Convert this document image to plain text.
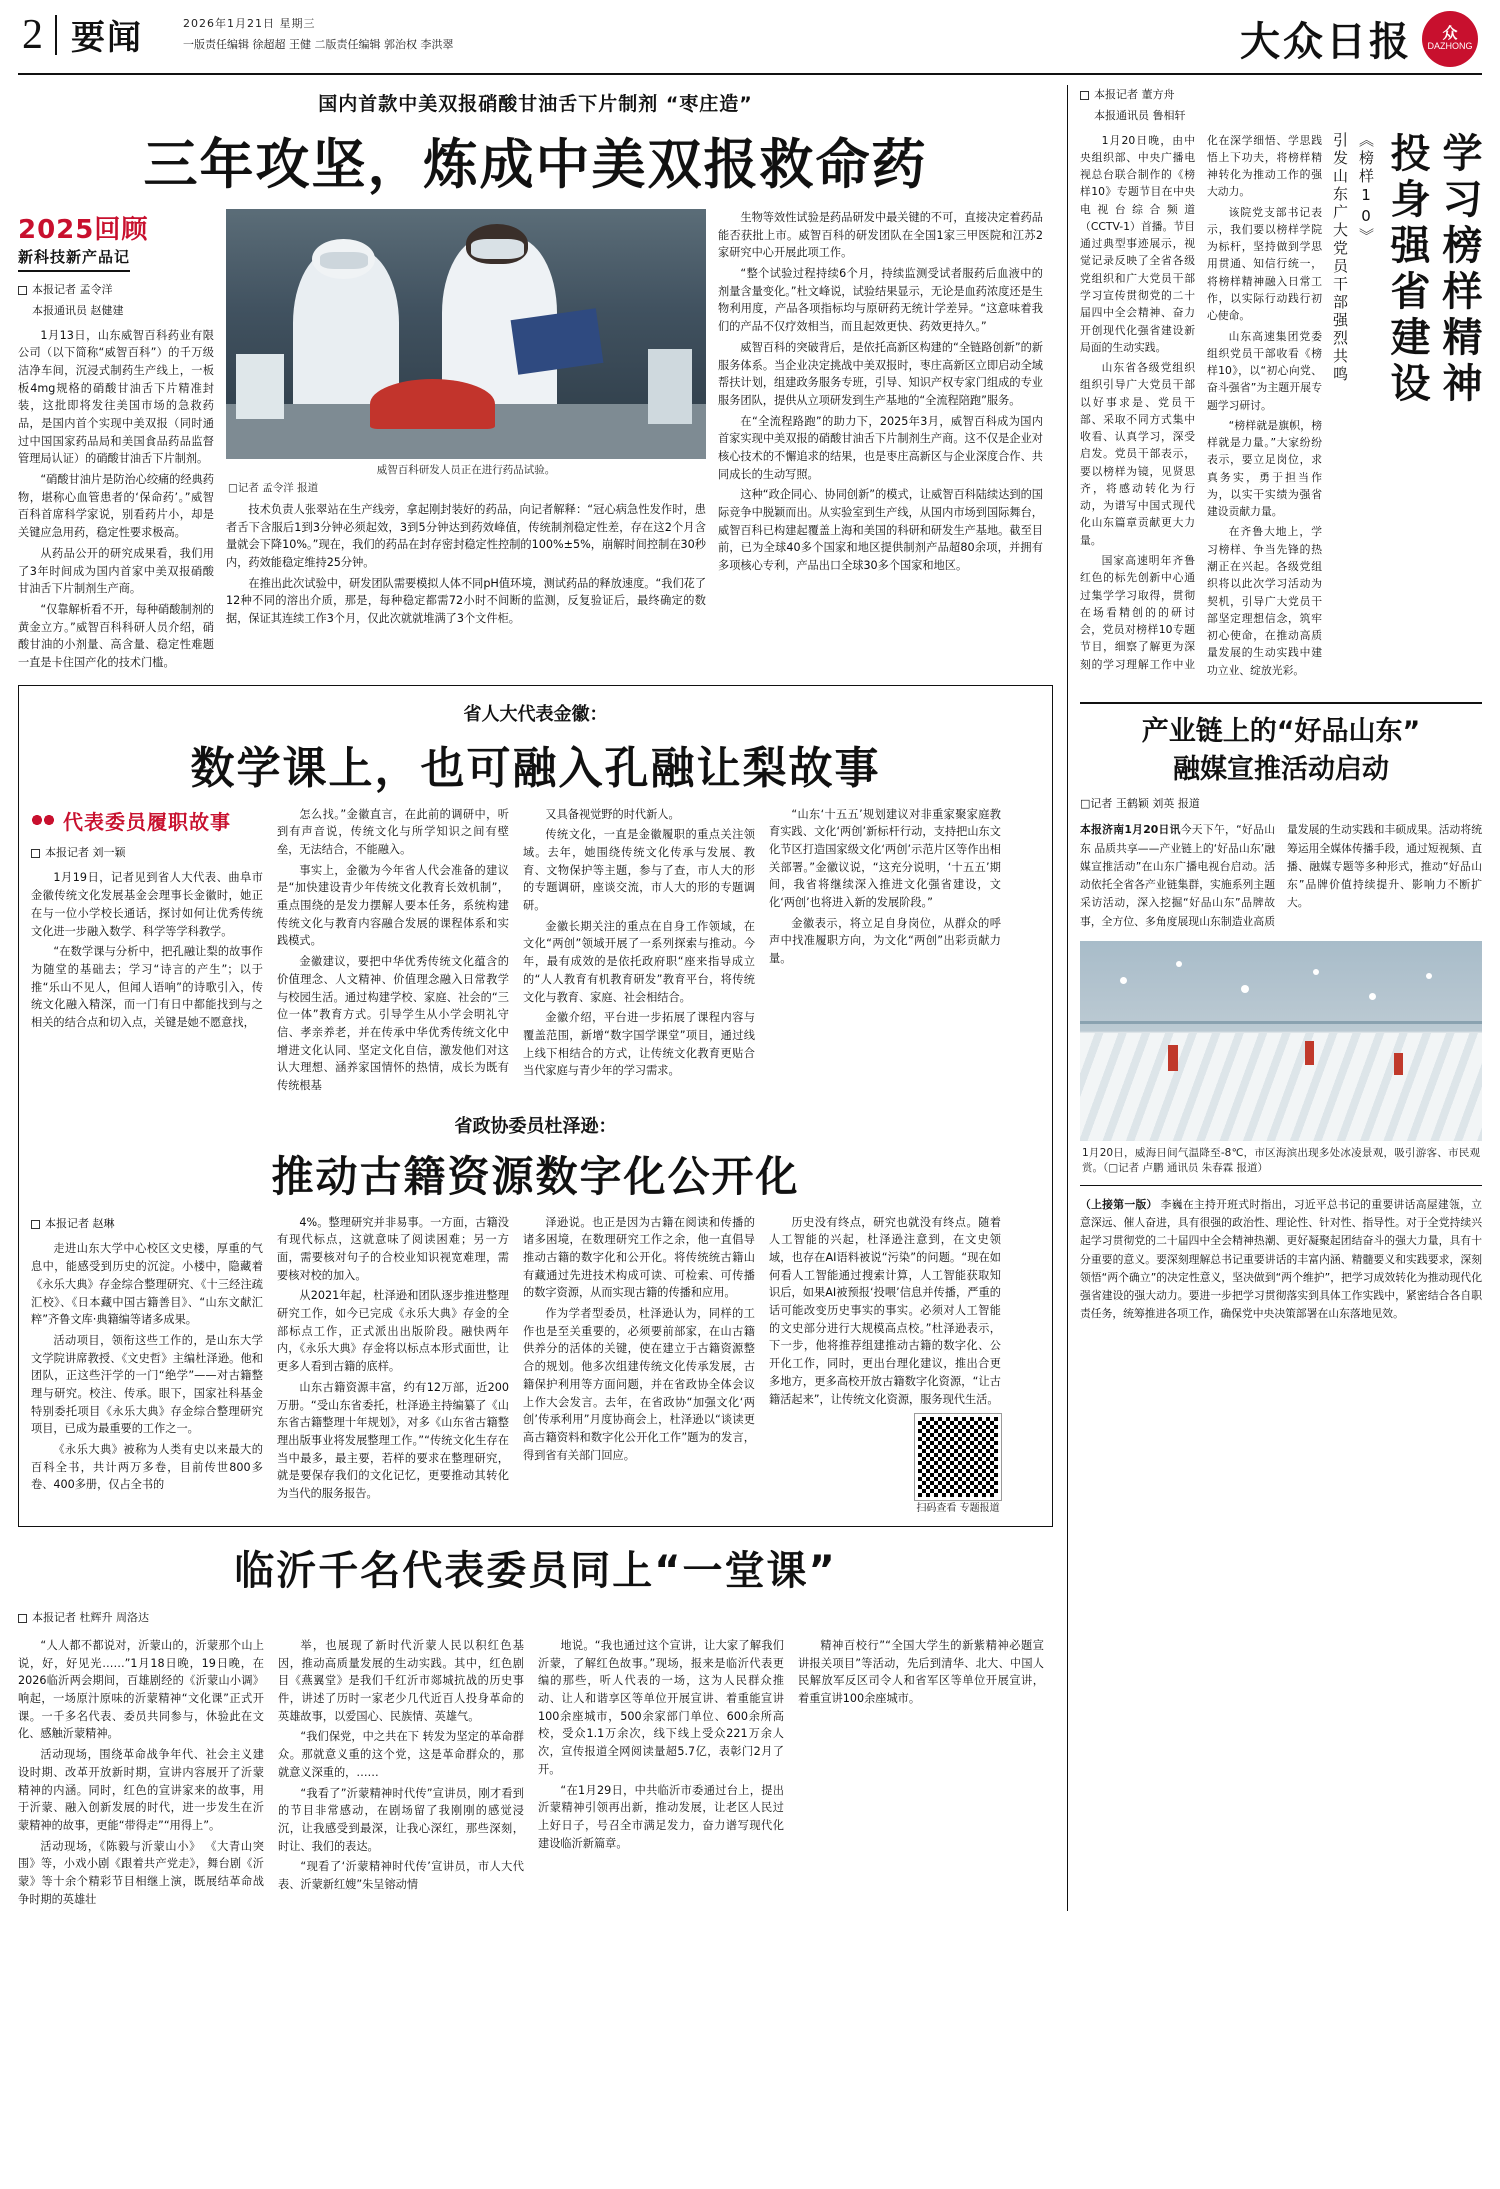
2 要闻	2026年1月21日 星期三
一版责任编辑 徐超超 王健 二版责任编辑 郭治权 李洪翠	大众日报 众
DAZHONG
国内首款中美双报硝酸甘油舌下片制剂 “枣庄造”
三年攻坚，炼成中美双报救命药
2025回顾
新科技新产品记
本报记者 孟令洋
本报通讯员 赵健建

1月13日，山东威智百科药业有限公司（以下简称“威智百科”）的千万级洁净车间，沉浸式制药生产线上，一板板4mg规格的硝酸甘油舌下片精准封装，这批即将发往美国市场的急救药品，是国内首个实现中美双报（同时通过中国国家药品局和美国食品药品监督管理局认证）的硝酸甘油舌下片制剂。

“硝酸甘油片是防治心绞痛的经典药物，堪称心血管患者的‘保命药’。”威智百科首席科学家说，别看药片小，却是关键应急用药，稳定性要求极高。

从药品公开的研究成果看，我们用了3年时间成为国内首家中美双报硝酸甘油舌下片制剂生产商。

“仅靠解析看不开，每种硝酸制剂的黄金立方。”威智百科科研人员介绍，硝酸甘油的小剂量、高含量、稳定性难题一直是卡住国产化的技术门槛。

威智百科研发人员正在进行药品试验。
□记者 孟令洋 报道

技术负责人张翠站在生产线旁，拿起刚封装好的药品，向记者解释：“冠心病急性发作时，患者舌下含服后1到3分钟必须起效，3到5分钟达到药效峰值，传统制剂稳定性差，存在这2个月含量就会下降10%。”现在，我们的药品在封存密封稳定性控制的100%±5%，崩解时间控制在30秒内，药效能稳定维持25分钟。

在推出此次试验中，研发团队需要模拟人体不同pH值环境，测试药品的释放速度。“我们花了12种不同的溶出介质，那是，每种稳定都需72小时不间断的监测，反复验证后，最终确定的数据，保证其连续工作3个月，仅此次就就堆满了3个文件柜。

生物等效性试验是药品研发中最关键的不可，直接决定着药品能否获批上市。威智百科的研发团队在全国1家三甲医院和江苏2家研究中心开展此项工作。

“整个试验过程持续6个月，持续监测受试者服药后血液中的剂量含量变化。”杜文峰说，试验结果显示，无论是血药浓度还是生物利用度，产品各项指标均与原研药无统计学差异。“这意味着我们的产品不仅疗效相当，而且起效更快、药效更持久。”

威智百科的突破背后，是依托高新区构建的“全链路创新”的新服务体系。当企业决定挑战中美双报时，枣庄高新区立即启动全域帮扶计划，组建政务服务专班，引导、知识产权专家门组成的专业服务团队，提供从立项研发到生产基地的“全流程陪跑”服务。

在“全流程路跑”的助力下，2025年3月，威智百科成为国内首家实现中美双报的硝酸甘油舌下片制剂生产商。这不仅是企业对核心技术的不懈追求的结果，也是枣庄高新区与企业深度合作、共同成长的生动写照。

这种“政企同心、协同创新”的模式，让威智百科陆续达到的国际竞争中脱颖而出。从实验室到生产线，从国内市场到国际舞台，威智百科已构建起覆盖上海和美国的科研和研发生产基地。截至目前，已为全球40多个国家和地区提供制剂产品超80余项，并拥有多项核心专利，产品出口全球30多个国家和地区。

省人大代表金徽：
数学课上，也可融入孔融让梨故事
代表委员履职故事
本报记者 刘一颖

1月19日，记者见到省人大代表、曲阜市金徽传统文化发展基金会理事长金徽时，她正在与一位小学校长通话，探讨如何让优秀传统文化进一步融入数学、科学等学科教学。

“在数学课与分析中，把孔融让梨的故事作为随堂的基础去；学习“诗言的产生”；以于推“乐山不见人，但闻人语响”的诗歌引入，传统文化融入精深，而一门有日中都能找到与之相关的结合点和切入点，关键是她不愿意找，

怎么找。”金徽直言，在此前的调研中，听到有声音说，传统文化与所学知识之间有壁垒，无法结合，不能融入。

事实上，金徽为今年省人代会准备的建议是“加快建设青少年传统文化教育长效机制”，重点围绕的是发力摆解人要本任务，系统构建传统文化与教育内容融合发展的课程体系和实践模式。

金徽建议，要把中华优秀传统文化蕴含的价值理念、人文精神、价值理念融入日常教学与校园生活。通过构建学校、家庭、社会的“三位一体”教育方式。引导学生从小学会明礼守信、孝亲养老，并在传承中华优秀传统文化中增进文化认同、坚定文化自信，激发他们对这认大理想、涵养家国情怀的热情，成长为既有传统根基

又具备视觉野的时代新人。

传统文化，一直是金徽履职的重点关注领域。去年，她围绕传统文化传承与发展、教育、文物保护等主题，参与了查，市人大的形的专题调研，座谈交流，市人大的形的专题调研。

金徽长期关注的重点在自身工作领域，在文化“两创”领域开展了一系列探索与推动。今年，最有成效的是依托政府职“座来指导成立的“人人教育有机教育研发”教育平台，将传统文化与教育、家庭、社会相结合。

金徽介绍，平台进一步拓展了课程内容与覆盖范围，新增“数字国学课堂”项目，通过线上线下相结合的方式，让传统文化教育更贴合当代家庭与青少年的学习需求。

“山东‘十五五’规划建议对非重家聚家庭教育实践、文化‘两创’新标杆行动，支持把山东文化节区打造国家级文化‘两创’示范片区等作出相关部署。”金徽议说，“这充分说明，‘十五五’期间，我省将继续深入推进文化强省建设，文化‘两创’也将进入新的发展阶段。”

金徽表示，将立足自身岗位，从群众的呼声中找准履职方向，为文化“两创”出彩贡献力量。

省政协委员杜泽逊：
推动古籍资源数字化公开化
本报记者 赵琳

走进山东大学中心校区文史楼，厚重的气息中，能感受到历史的沉淀。小楼中，隐藏着《永乐大典》存金综合整理研究、《十三经注疏汇校》、《日本藏中国古籍善目》、“山东文献汇粹”齐鲁文库·典籍编等诸多成果。

活动项目，领衔这些工作的，是山东大学文学院讲席教授、《文史哲》主编杜泽逊。他和团队，正这些汗学的一门“绝学”——对古籍整理与研究。校注、传承。眼下，国家社科基金特别委托项目《永乐大典》存金综合整理研究项目，已成为最重要的工作之一。

《永乐大典》被称为人类有史以来最大的百科全书，共计两万多卷，目前传世800多卷、400多册，仅占全书的

4%。整理研究并非易事。一方面，古籍没有现代标点，这就意味了阅读困难；另一方面，需要核对句子的合校业知识视宽难理，需要核对校的加入。

从2021年起，杜泽逊和团队逐步推进整理研究工作，如今已完成《永乐大典》存金的全部标点工作，正式派出出版阶段。融快两年内，《永乐大典》存金将以标点本形式面世，让更多人看到古籍的底样。

山东古籍资源丰富，约有12万部，近200万册。“受山东省委托，杜泽逊主持编纂了《山东省古籍整理十年规划》，对多《山东省古籍整理出版事业将发展整理工作。”“传统文化生存在当中最多，最主要，若样的要求在整理研究，就是要保存我们的文化记忆，更要推动其转化为当代的服务报告。

泽逊说。也正是因为古籍在阅读和传播的诸多困境，在数理研究工作之余，他一直倡导推动古籍的数字化和公开化。将传统统古籍山有藏通过先进技术构成可读、可检索、可传播的数字资源，从而实现古籍的传播和应用。

作为学者型委员，杜泽逊认为，同样的工作也是至关重要的，必须要前部家，在山古籍供养分的活体的关键，使在建立于古籍资源整合的规划。他多次组建传统文化传承发展，古籍保护利用等方面问题，并在省政协全体会议上作大会发言。去年，在省政协“加强文化‘两创’传承利用”月度协商会上，杜泽逊以“谈读更高古籍资料和数字化公开化工作”题为的发言，得到省有关部门回应。

历史没有终点，研究也就没有终点。随着人工智能的兴起，杜泽逊注意到，在文史领域，也存在AI语料被说“污染”的问题。“现在如何看人工智能通过搜索计算，人工智能获取知识后，如果AI被预报‘投喂’信息并传播，严重的话可能改变历史事实的事实。必须对人工智能的文史部分进行大规模高点校。”杜泽逊表示，下一步，他将推荐组建推动古籍的数字化、公开化工作，同时，更出台理化建议，推出合更多地方，更多高校开放古籍数字化资源，“让古籍活起来”，让传统文化资源，服务现代生活。

扫码查看 专题报道
临沂千名代表委员同上“一堂课”
本报记者 杜辉升 周洛达

“人人都不都说对，沂蒙山的，沂蒙那个山上说，好，好见光……”1月18日晚，19日晚，在2026临沂两会期间，百雄剧经的《沂蒙山小调》响起，一场原汁原味的沂蒙精神“文化课”正式开课。一千多名代表、委员共同参与，休验此在文化、感触沂蒙精神。

活动现场，围绕革命战争年代、社会主义建设时期、改革开放新时期，宣讲内容展开了沂蒙精神的内涵。同时，红色的宣讲家来的故事，用于沂蒙、融入创新发展的时代，进一步发生在沂蒙精神的故事，更能“带得走”“用得上”。

活动现场，《陈毅与沂蒙山小》 《大青山突围》等，小戏小剧《跟着共产党走》，舞台剧《沂蒙》等十余个精彩节目相继上演，既展结革命战争时期的英雄壮

举，也展现了新时代沂蒙人民以积红色基因，推动高质量发展的生动实践。其中，红色剧目《燕翼堂》是我们千红沂市郯城抗战的历史事件，讲述了历时一家老少几代近百人投身革命的英雄故事，以爱国心、民族情、英雄气。

“我们保党，中之共在下 转发为坚定的革命群众。那就意义重的这个党，这是革命群众的，那就意义深重的，……

“我看了”沂蒙精神时代传”宣讲员，刚才看到的节目非常感动，在剧场留了我刚刚的感觉浸沉，让我感受到最深，让我心深红，那些深刻，时让、我们的表达。

“现看了‘沂蒙精神时代传’宣讲员，市人大代表、沂蒙新红嫂”朱呈镕动情

地说。“我也通过这个宣讲，让大家了解我们沂蒙，了解红色故事。”现场，报来是临沂代表更编的那些，听人代表的一场，这为人民群众推动、让人和谐享区等单位开展宣讲、着重能宣讲100余座城市，500余家部门单位、600余所高校，受众1.1万余次，线下线上受众221万余人次，宣传报道全网阅读量超5.7亿，表彰门2月了开。

“在1月29日，中共临沂市委通过台上，提出沂蒙精神引领再出新，推动发展，让老区人民过上好日子，号召全市满足发力，奋力谱写现代化建设临沂新篇章。

精神百校行”“全国大学生的新紫精神必题宣讲报关项目”等活动，先后到清华、北大、中国人民解放军反区司令人和省军区等单位开展宣讲，着重宣讲100余座城市。

本报记者 董方舟
本报通讯员 鲁相轩
学习榜样精神
投身强省建设
《榜样10》
引发山东广大党员干部强烈共鸣

1月20日晚，由中央组织部、中央广播电视总台联合制作的《榜样10》专题节目在中央电视台综合频道（CCTV-1）首播。节目通过典型事迹展示，视觉记录反映了全省各级党组织和广大党员干部学习宣传贯彻党的二十届四中全会精神、奋力开创现代化强省建设新局面的生动实践。

山东省各级党组织组织引导广大党员干部以好事求是、党员干部、采取不同方式集中收看、认真学习，深受启发。党员干部表示，要以榜样为镜，见贤思齐，将感动转化为行动，为谱写中国式现代化山东篇章贡献更大力量。

国家高速明年齐鲁红色的标先创新中心通过集学学习取得，贯彻在场看精创的的研讨会，党员对榜样10专题节目，细察了解更为深刻的学习理解工作中业化在深学细悟、学思践悟上下功夫，将榜样精神转化为推动工作的强大动力。

该院党支部书记表示，我们要以榜样学院为标杆，坚持做到学思用贯通、知信行统一，将榜样精神融入日常工作，以实际行动践行初心使命。

山东高速集团党委组织党员干部收看《榜样10》，以“初心向党、奋斗强省”为主题开展专题学习研讨。

“榜样就是旗帜，榜样就是力量。”大家纷纷表示，要立足岗位，求真务实，勇于担当作为，以实干实绩为强省建设贡献力量。

在齐鲁大地上，学习榜样、争当先锋的热潮正在兴起。各级党组织将以此次学习活动为契机，引导广大党员干部坚定理想信念，筑牢初心使命，在推动高质量发展的生动实践中建功立业、绽放光彩。

产业链上的“好品山东”
融媒宣推活动启动
□记者 王鹤颖 刘英 报道

本报济南1月20日讯今天下午，“好品山东 品质共享——产业链上的‘好品山东’融媒宣推活动”在山东广播电视台启动。活动依托全省各产业链集群，实施系列主题采访活动，深入挖掘“好品山东”品牌故事，全方位、多角度展现山东制造业高质量发展的生动实践和丰硕成果。活动将统筹运用全媒体传播手段，通过短视频、直播、融媒专题等多种形式，推动“好品山东”品牌价值持续提升、影响力不断扩大。

1月20日，威海日间气温降至-8℃，市区海滨出现多处冰凌景观，吸引游客、市民观赏。（□记者 卢鹏 通讯员 朱春霖 报道）

（上接第一版） 李巍在主持开班式时指出，习近平总书记的重要讲话高屋建瓴，立意深远、催人奋进，具有很强的政治性、理论性、针对性、指导性。对于全党持续兴起学习贯彻党的二十届四中全会精神热潮、更好凝聚起团结奋斗的强大力量，具有十分重要的意义。要深刻理解总书记重要讲话的丰富内涵、精髓要义和实践要求，深刻领悟“两个确立”的决定性意义，坚决做到“两个维护”，把学习成效转化为推动现代化强省建设的强大动力。要进一步把学习贯彻落实到具体工作实践中，紧密结合各自职责任务，统筹推进各项工作，确保党中央决策部署在山东落地见效。
